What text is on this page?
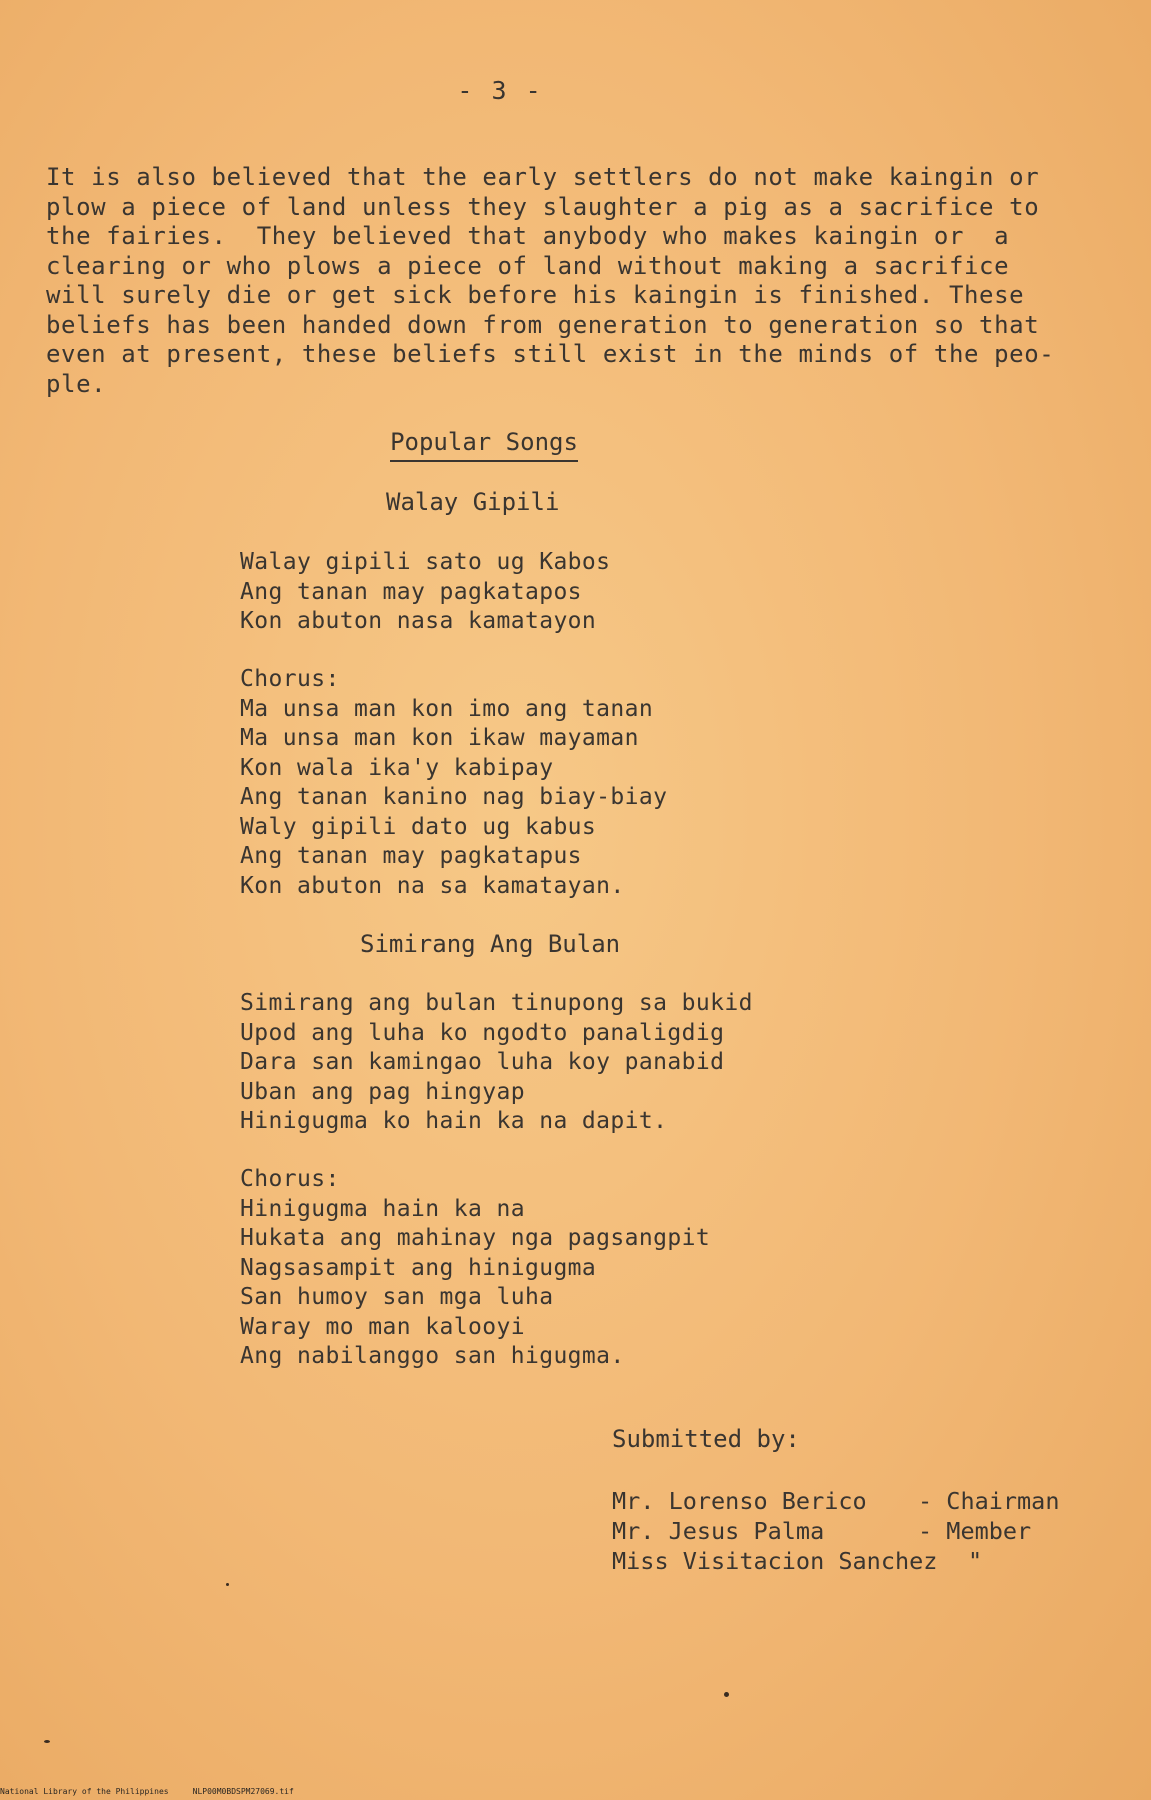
- 3 -
It is also believed that the early settlers do not make kaingin or
plow a piece of land unless they slaughter a pig as a sacrifice to
the fairies.  They believed that anybody who makes kaingin or  a
clearing or who plows a piece of land without making a sacrifice
will surely die or get sick before his kaingin is finished. These
beliefs has been handed down from generation to generation so that
even at present, these beliefs still exist in the minds of the peo-
ple.
Popular Songs
Walay Gipili
Walay gipili sato ug Kabos
Ang tanan may pagkatapos
Kon abuton nasa kamatayon
Chorus:
Ma unsa man kon imo ang tanan
Ma unsa man kon ikaw mayaman
Kon wala ika'y kabipay
Ang tanan kanino nag biay-biay
Waly gipili dato ug kabus
Ang tanan may pagkatapus
Kon abuton na sa kamatayan.
Simirang Ang Bulan
Simirang ang bulan tinupong sa bukid
Upod ang luha ko ngodto panaligdig
Dara san kamingao luha koy panabid
Uban ang pag hingyap
Hinigugma ko hain ka na dapit.
Chorus:
Hinigugma hain ka na
Hukata ang mahinay nga pagsangpit
Nagsasampit ang hinigugma
San humoy san mga luha
Waray mo man kalooyi
Ang nabilanggo san higugma.
Submitted by:
Mr. Lorenso Berico - Chairman
Mr. Jesus Palma	- Member
Miss Visitacion Sanchez "
National Library of the Philippines     NLP00M0BDSPM27069.tif
